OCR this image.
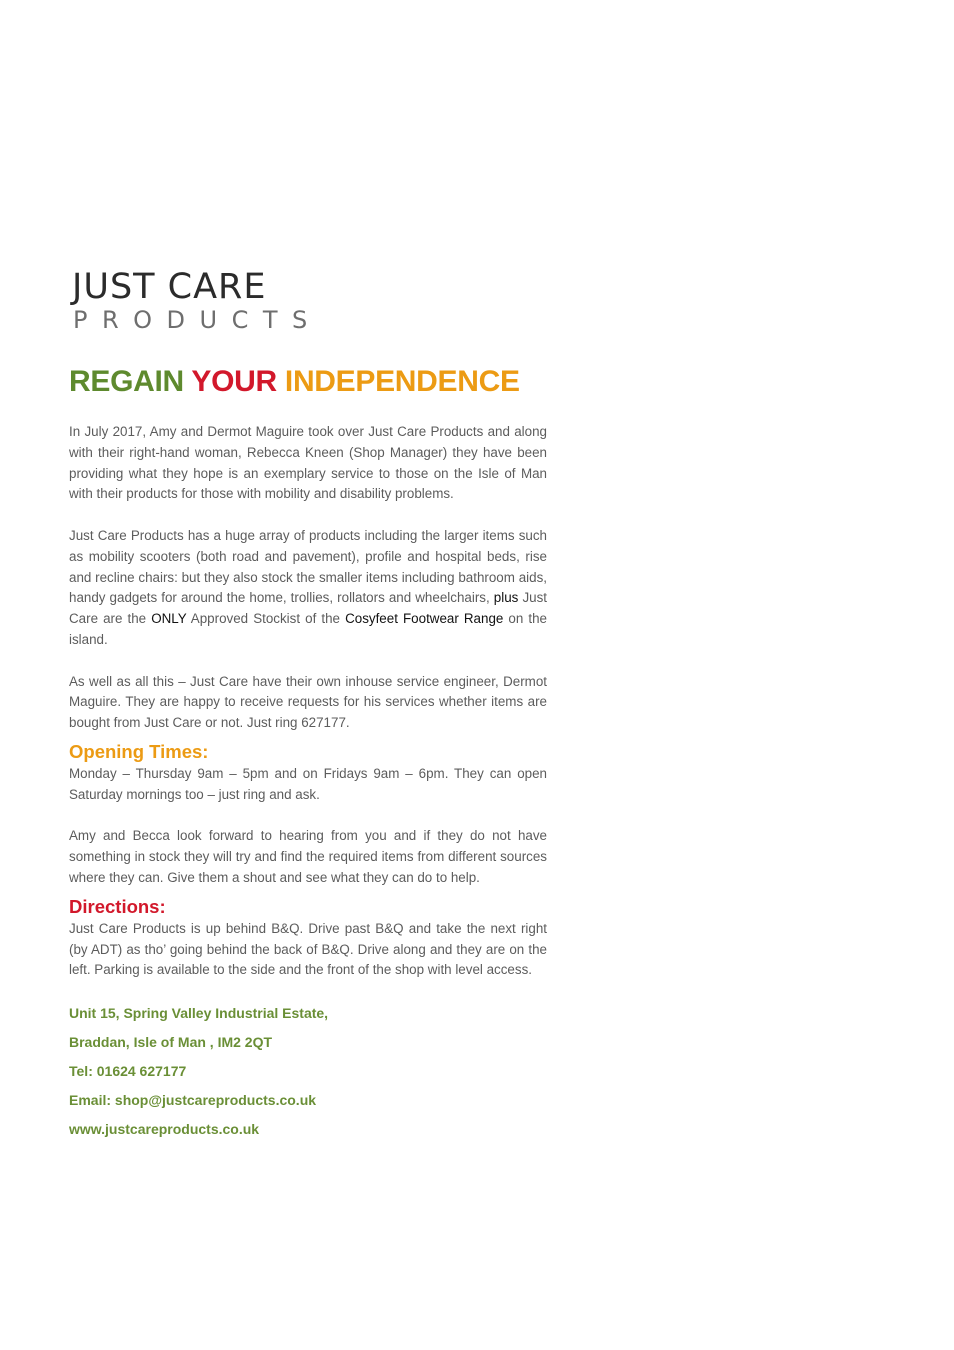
JUST CARE
PRODUCTS
REGAIN YOUR INDEPENDENCE

In July 2017, Amy and Dermot Maguire took over Just Care Products and along with their right-hand woman, Rebecca Kneen (Shop Manager) they have been providing what they hope is an exemplary service to those on the Isle of Man with their products for those with mobility and disability problems.

Just Care Products has a huge array of products including the larger items such as mobility scooters (both road and pavement), profile and hospital beds, rise and recline chairs: but they also stock the smaller items including bathroom aids, handy gadgets for around the home, trollies, rollators and wheelchairs, plus Just Care are the ONLY Approved Stockist of the Cosyfeet Footwear Range on the island.

As well as all this – Just Care have their own inhouse service engineer, Dermot Maguire. They are happy to receive requests for his services whether items are bought from Just Care or not. Just ring 627177.

Opening Times:

Monday – Thursday 9am – 5pm and on Fridays 9am – 6pm. They can open Saturday mornings too – just ring and ask.

Amy and Becca look forward to hearing from you and if they do not have something in stock they will try and find the required items from different sources where they can. Give them a shout and see what they can do to help.

Directions:

Just Care Products is up behind B&Q. Drive past B&Q and take the next right (by ADT) as tho’ going behind the back of B&Q. Drive along and they are on the left. Parking is available to the side and the front of the shop with level access.

Unit 15, Spring Valley Industrial Estate,
Braddan, Isle of Man , IM2 2QT
Tel: 01624 627177
Email: shop@justcareproducts.co.uk
www.justcareproducts.co.uk
